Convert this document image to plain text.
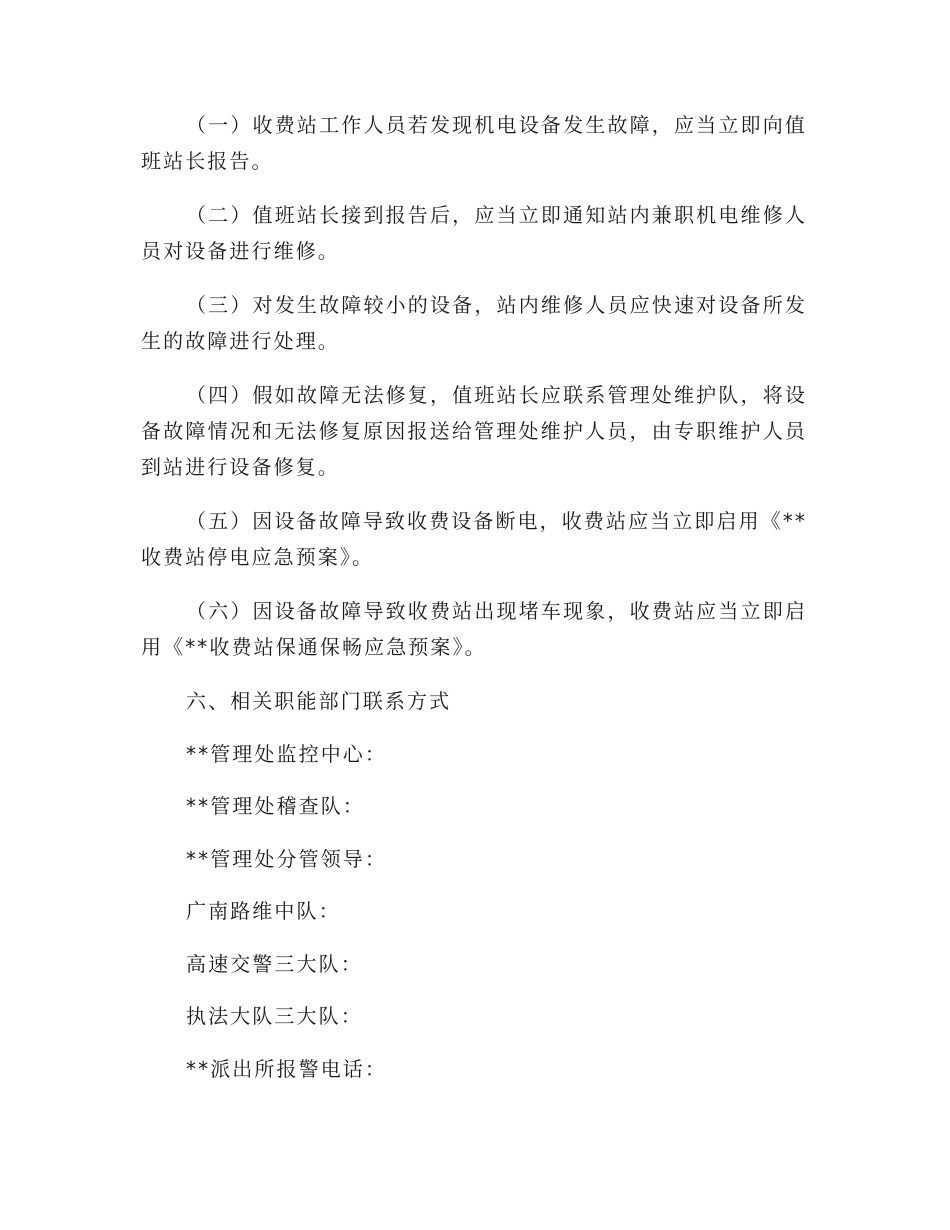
（一）收费站工作人员若发现机电设备发生故障，应当立即向值班站长报告。

（二）值班站长接到报告后，应当立即通知站内兼职机电维修人员对设备进行维修。

（三）对发生故障较小的设备，站内维修人员应快速对设备所发生的故障进行处理。

（四）假如故障无法修复，值班站长应联系管理处维护队，将设备故障情况和无法修复原因报送给管理处维护人员，由专职维护人员到站进行设备修复。

（五）因设备故障导致收费设备断电，收费站应当立即启用《**收费站停电应急预案》。

（六）因设备故障导致收费站出现堵车现象，收费站应当立即启用《**收费站保通保畅应急预案》。

六、相关职能部门联系方式

**管理处监控中心：

**管理处稽查队：

**管理处分管领导：

广南路维中队：

高速交警三大队：

执法大队三大队：

**派出所报警电话：
